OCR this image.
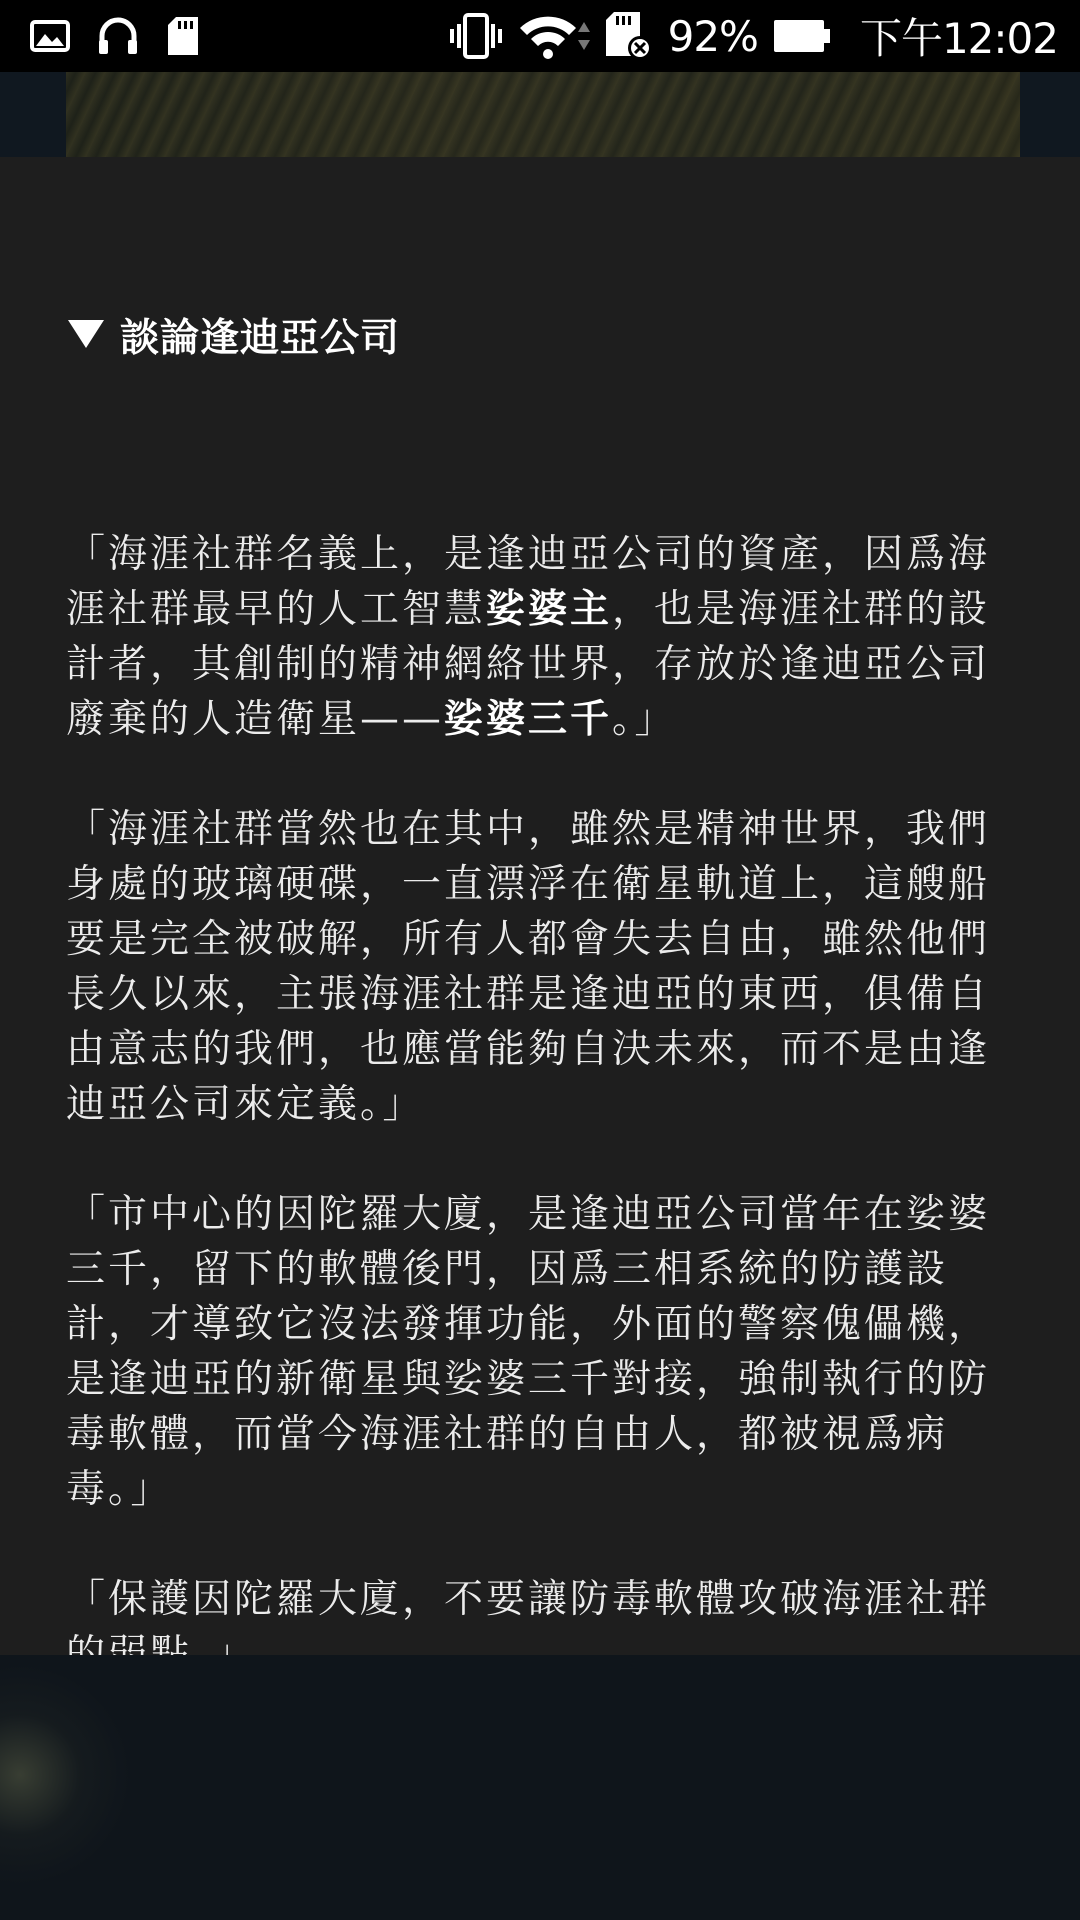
92% 下午12:02
談論逢迪亞公司

「海涯社群名義上，是逢迪亞公司的資產，因爲海涯社群最早的人工智慧娑婆主，也是海涯社群的設計者，其創制的精神網絡世界，存放於逢迪亞公司廢棄的人造衛星——娑婆三千。」

「海涯社群當然也在其中，雖然是精神世界，我們身處的玻璃硬碟，一直漂浮在衛星軌道上，這艘船要是完全被破解，所有人都會失去自由，雖然他們長久以來，主張海涯社群是逢迪亞的東西，俱備自由意志的我們，也應當能夠自決未來，而不是由逢迪亞公司來定義。」

「市中心的因陀羅大廈，是逢迪亞公司當年在娑婆三千，留下的軟體後門，因爲三相系統的防護設計，才導致它沒法發揮功能，外面的警察傀儡機，是逢迪亞的新衛星與娑婆三千對接，強制執行的防毒軟體，而當今海涯社群的自由人，都被視爲病毒。」

「保護因陀羅大廈，不要讓防毒軟體攻破海涯社群
